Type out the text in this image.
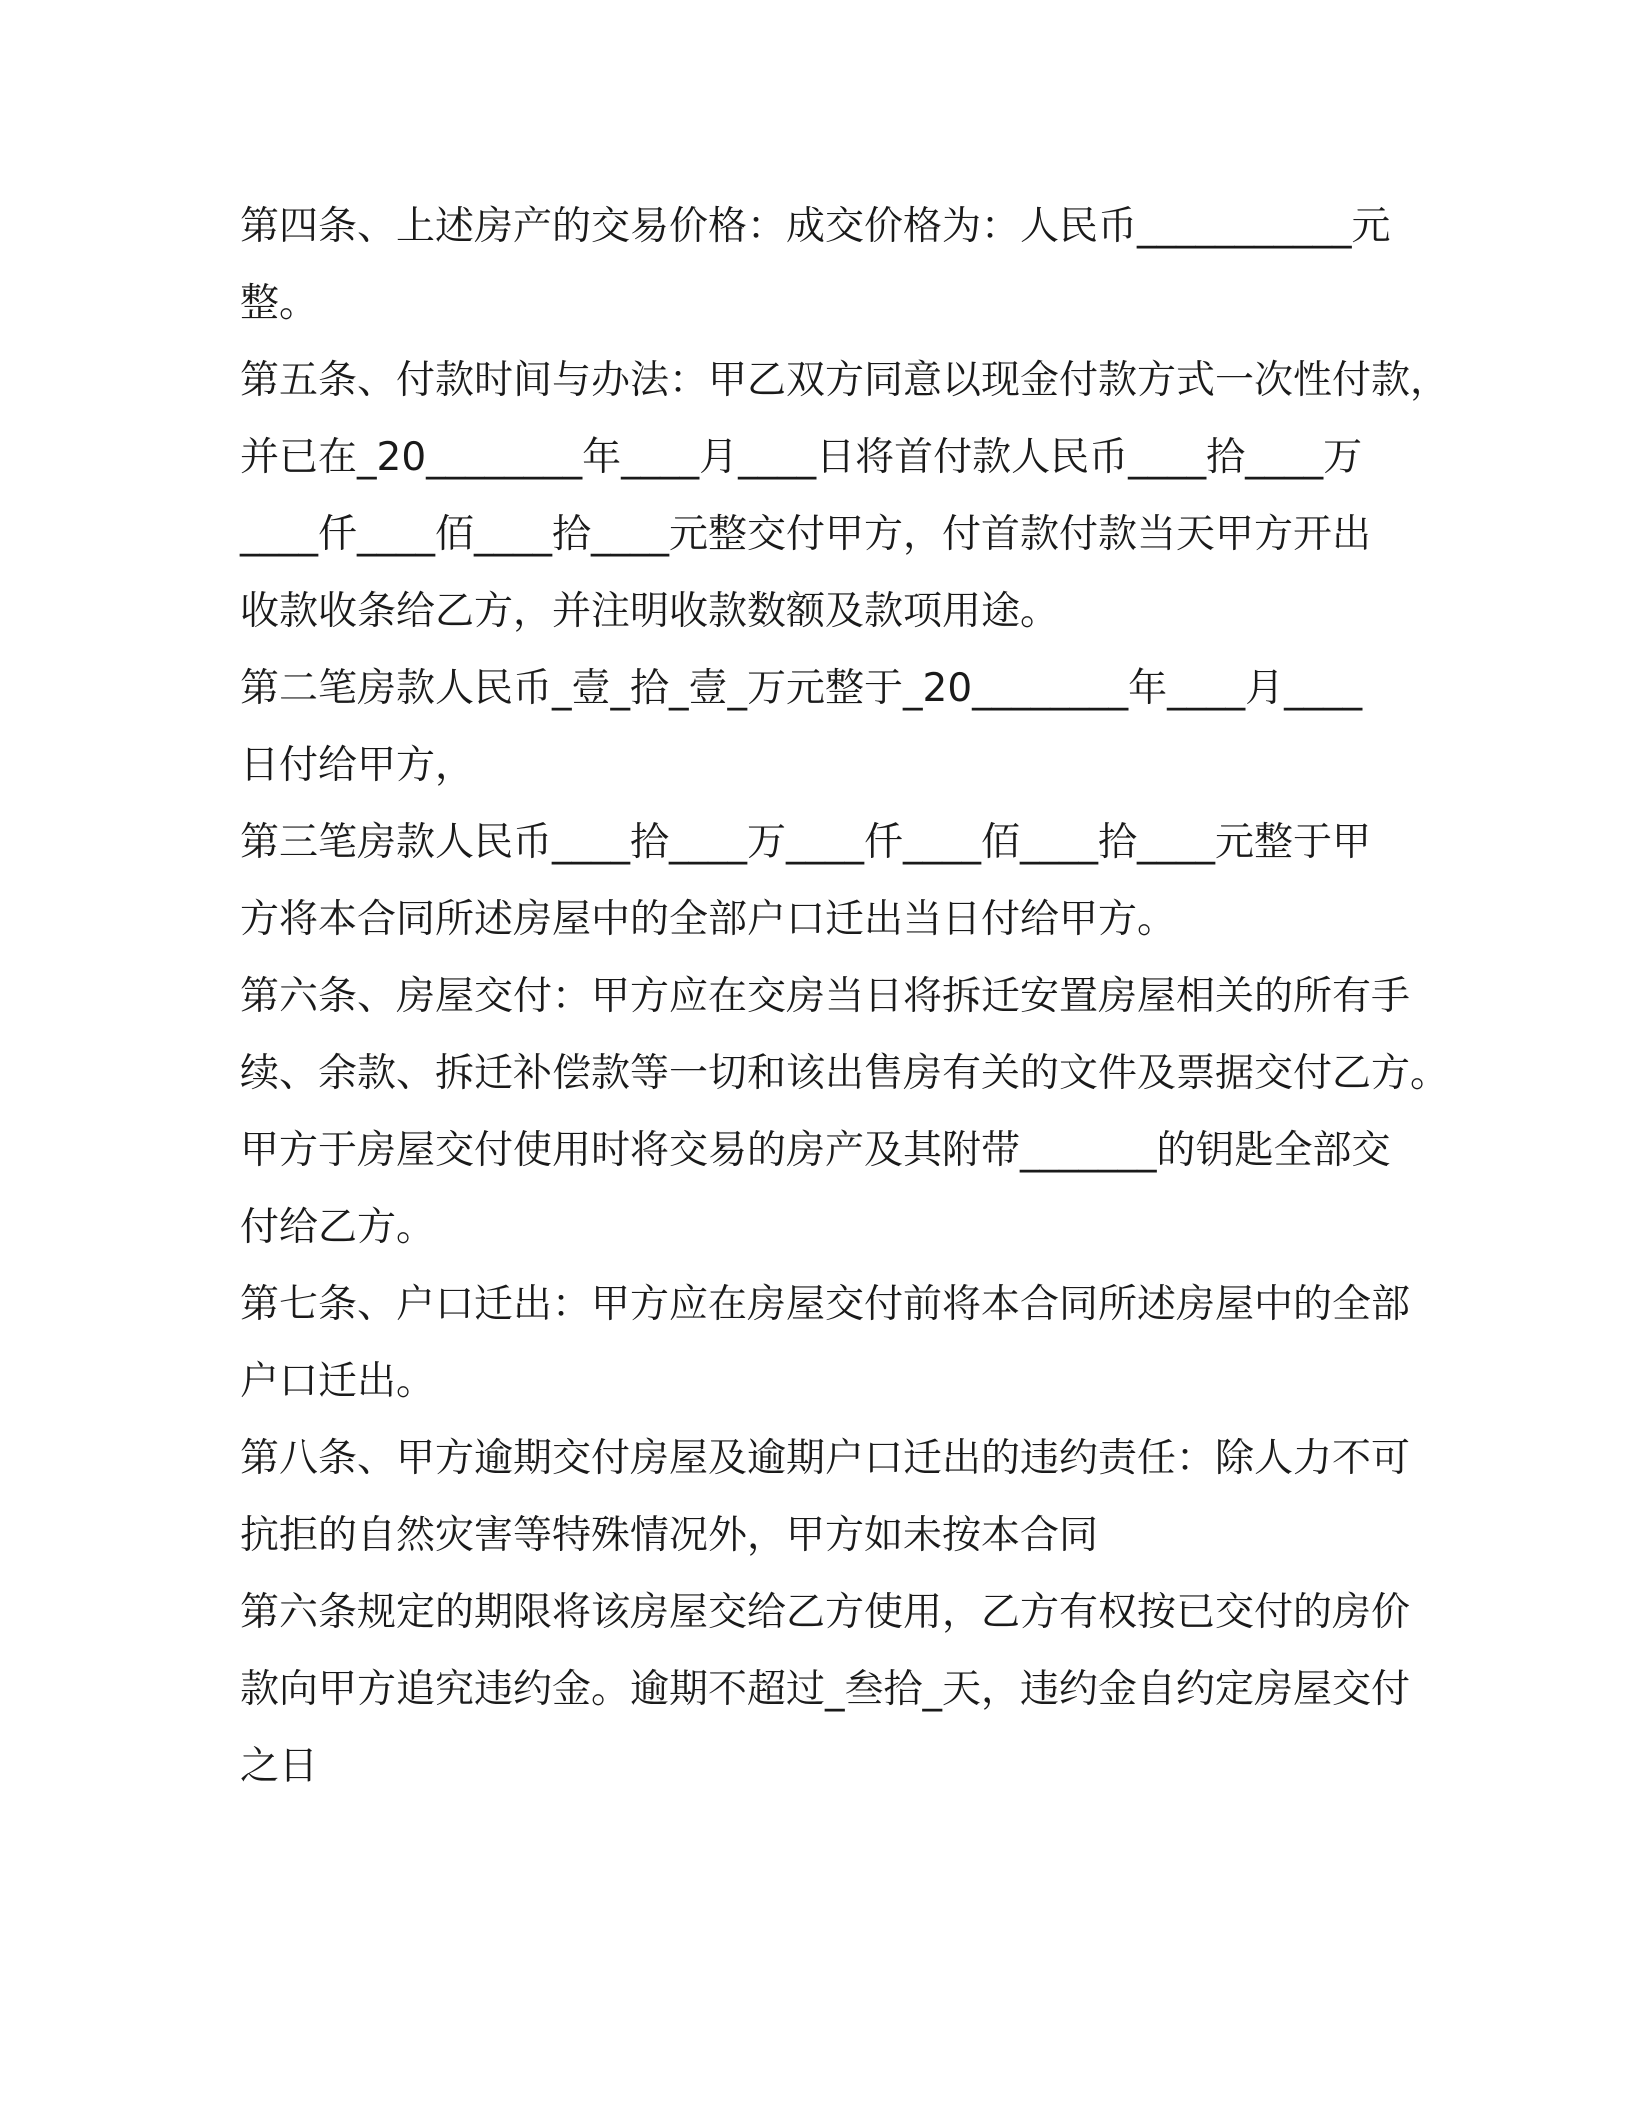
第四条、上述房产的交易价格：成交价格为：人民币___________元
整。
第五条、付款时间与办法：甲乙双方同意以现金付款方式一次性付款，
并已在_20________年____月____日将首付款人民币____拾____万
____仟____佰____拾____元整交付甲方，付首款付款当天甲方开出
收款收条给乙方，并注明收款数额及款项用途。
第二笔房款人民币_壹_拾_壹_万元整于_20________年____月____
日付给甲方，
第三笔房款人民币____拾____万____仟____佰____拾____元整于甲
方将本合同所述房屋中的全部户口迁出当日付给甲方。
第六条、房屋交付：甲方应在交房当日将拆迁安置房屋相关的所有手
续、余款、拆迁补偿款等一切和该出售房有关的文件及票据交付乙方。
甲方于房屋交付使用时将交易的房产及其附带_______的钥匙全部交
付给乙方。
第七条、户口迁出：甲方应在房屋交付前将本合同所述房屋中的全部
户口迁出。
第八条、甲方逾期交付房屋及逾期户口迁出的违约责任：除人力不可
抗拒的自然灾害等特殊情况外，甲方如未按本合同
第六条规定的期限将该房屋交给乙方使用，乙方有权按已交付的房价
款向甲方追究违约金。逾期不超过_叁拾_天，违约金自约定房屋交付
之日
